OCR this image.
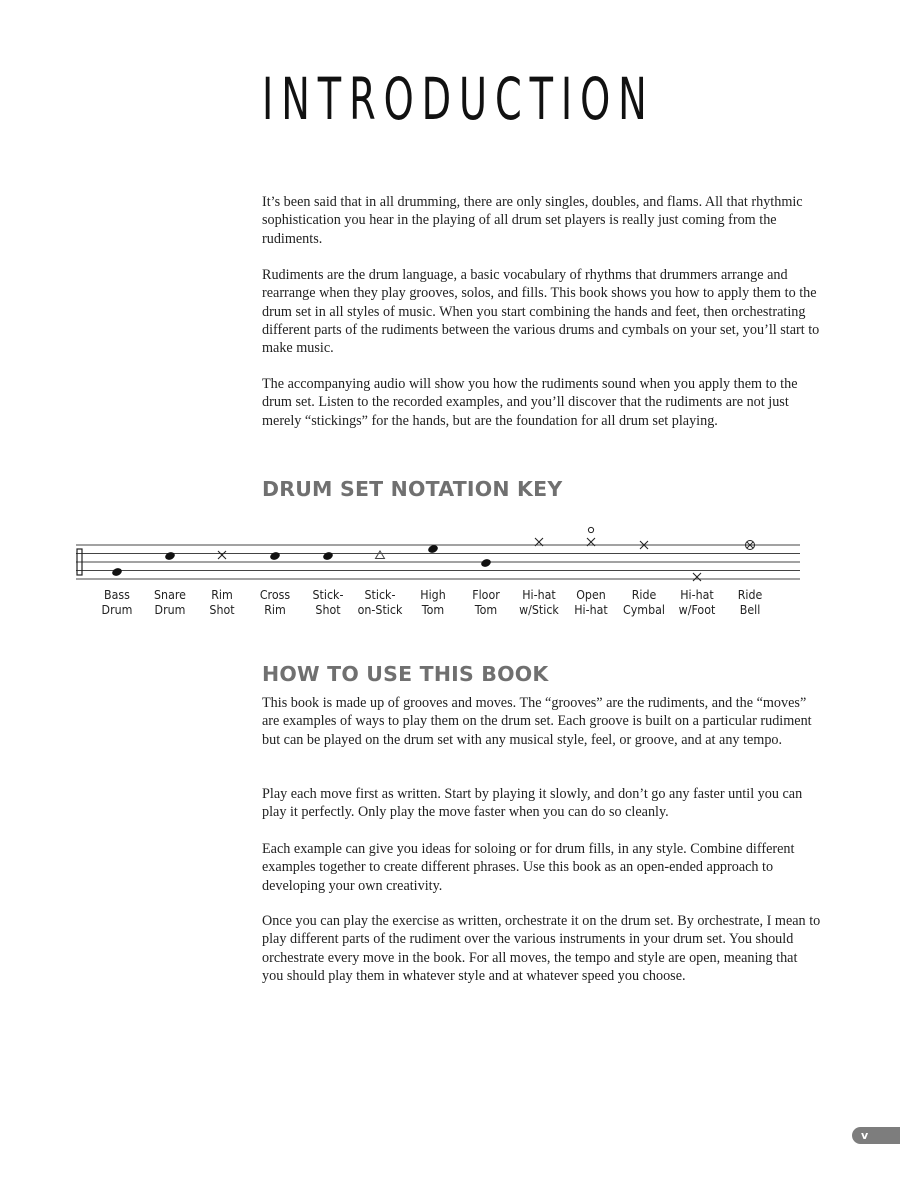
INTRODUCTION

It’s been said that in all drumming, there are only singles, doubles, and flams. All that rhythmic sophistication you hear in the playing of all drum set players is really just coming from the rudiments.

Rudiments are the drum language, a basic vocabulary of rhythms that drummers arrange and rearrange when they play grooves, solos, and fills. This book shows you how to apply them to the drum set in all styles of music. When you start combining the hands and feet, then orchestrating different parts of the rudiments between the various drums and cymbals on your set, you’ll start to make music.

The accompanying audio will show you how the rudiments sound when you apply them to the drum set. Listen to the recorded examples, and you’ll discover that the rudiments are not just merely “stickings” for the hands, but are the foundation for all drum set playing.

DRUM SET NOTATION KEY
Bass
Drum
Snare
Drum
Rim
Shot
Cross
Rim
Stick-
Shot
Stick-
on-Stick
High
Tom
Floor
Tom
Hi-hat
w/Stick
Open
Hi-hat
Ride
Cymbal
Hi-hat
w/Foot
Ride
Bell
HOW TO USE THIS BOOK

This book is made up of grooves and moves. The “grooves” are the rudiments, and the “moves” are examples of ways to play them on the drum set. Each groove is built on a particular rudiment but can be played on the drum set with any musical style, feel, or groove, and at any tempo.

Play each move first as written. Start by playing it slowly, and don’t go any faster until you can play it perfectly. Only play the move faster when you can do so cleanly.

Each example can give you ideas for soloing or for drum fills, in any style. Combine different examples together to create different phrases. Use this book as an open-ended approach to developing your own creativity.

Once you can play the exercise as written, orchestrate it on the drum set. By orchestrate, I mean to play different parts of the rudiment over the various instruments in your drum set. You should orchestrate every move in the book. For all moves, the tempo and style are open, meaning that you should play them in whatever style and at whatever speed you choose.

v
